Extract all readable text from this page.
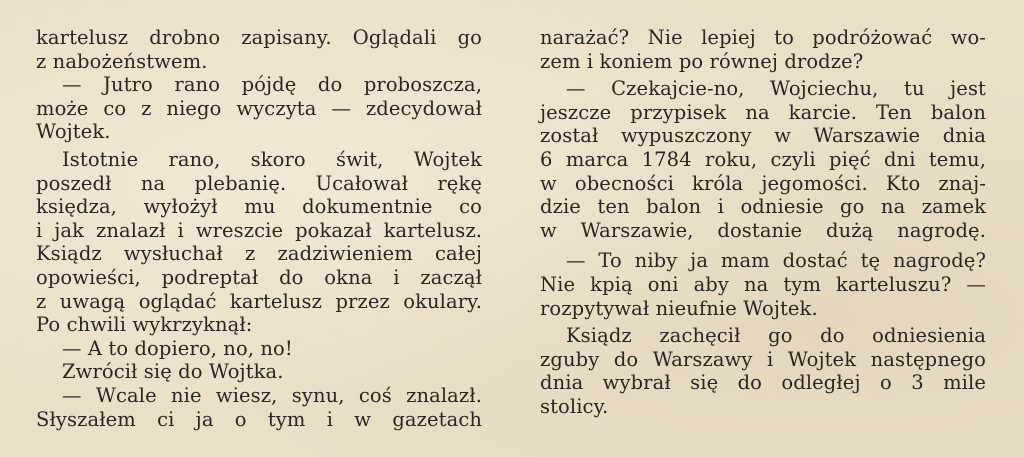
kartelusz drobno zapisany. Oglądali go
z nabożeństwem.
— Jutro rano pójdę do proboszcza,
może co z niego wyczyta — zdecydował
Wojtek.
Istotnie rano, skoro świt, Wojtek
poszedł na plebanię. Ucałował rękę
księdza, wyłożył mu dokumentnie co
i jak znalazł i wreszcie pokazał kartelusz.
Ksiądz wysłuchał z zadziwieniem całej
opowieści, podreptał do okna i zaczął
z uwagą oglądać kartelusz przez okulary.
Po chwili wykrzyknął:
— A to dopiero, no, no!
Zwrócił się do Wojtka.
— Wcale nie wiesz, synu, coś znalazł.
Słyszałem ci ja o tym i w gazetach
narażać? Nie lepiej to podróżować wo-
zem i koniem po równej drodze?
— Czekajcie-no, Wojciechu, tu jest
jeszcze przypisek na karcie. Ten balon
został wypuszczony w Warszawie dnia
6 marca 1784 roku, czyli pięć dni temu,
w obecności króla jegomości. Kto znaj-
dzie ten balon i odniesie go na zamek
w Warszawie, dostanie dużą nagrodę.
— To niby ja mam dostać tę nagrodę?
Nie kpią oni aby na tym karteluszu? —
rozpytywał nieufnie Wojtek.
Ksiądz zachęcił go do odniesienia
zguby do Warszawy i Wojtek następnego
dnia wybrał się do odległej o 3 mile
stolicy.
